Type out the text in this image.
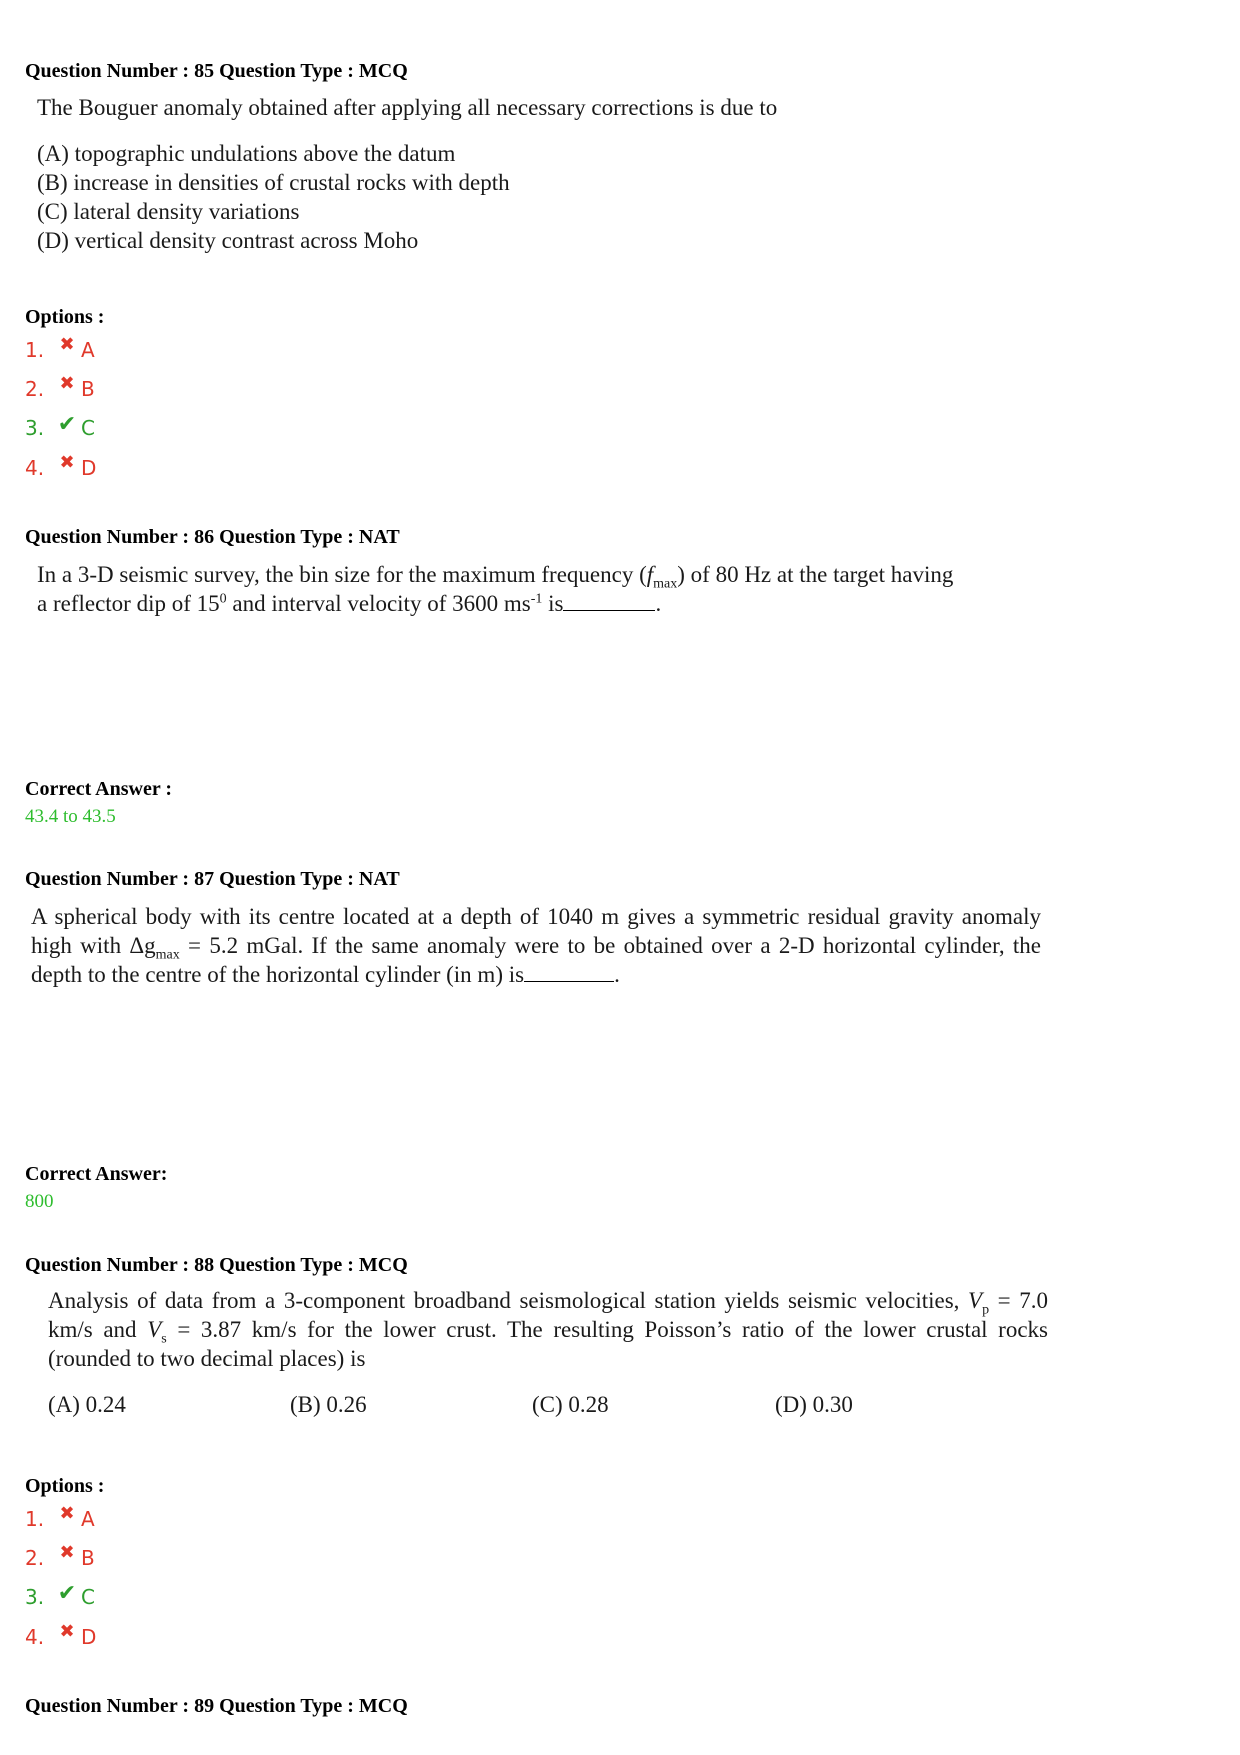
Question Number : 85 Question Type : MCQ
The Bouguer anomaly obtained after applying all necessary corrections is due to
(A) topographic undulations above the datum
(B) increase in densities of crustal rocks with depth
(C) lateral density variations
(D) vertical density contrast across Moho
Options :
1. ✖ A
2. ✖ B
3. ✔ C
4. ✖ D
Question Number : 86 Question Type : NAT
In a 3-D seismic survey, the bin size for the maximum frequency $(f_{max})$ of 80 Hz at the target having
a reflector dip of $15^0$ and interval velocity of 3600 $ms^{-1}$ is	.
Correct Answer :
43.4 to 43.5
Question Number : 87 Question Type : NAT
A spherical body with its centre located at a depth of 1040 m gives a symmetric residual gravity anomaly high with $\Delta g_{max} = 5.2$ mGal. If the same anomaly were to be obtained over a 2-D horizontal cylinder, the depth to the centre of the horizontal cylinder (in m) is	.
Correct Answer:
800
Question Number : 88 Question Type : MCQ
Analysis of data from a 3-component broadband seismological station yields seismic velocities, $V_p = 7.0$ km/s and $V_s = 3.87$ km/s for the lower crust. The resulting Poisson’s ratio of the lower crustal rocks (rounded to two decimal places) is
(A) 0.24	(B) 0.26	(C) 0.28	(D) 0.30
Options :
1. ✖ A
2. ✖ B
3. ✔ C
4. ✖ D
Question Number : 89 Question Type : MCQ
